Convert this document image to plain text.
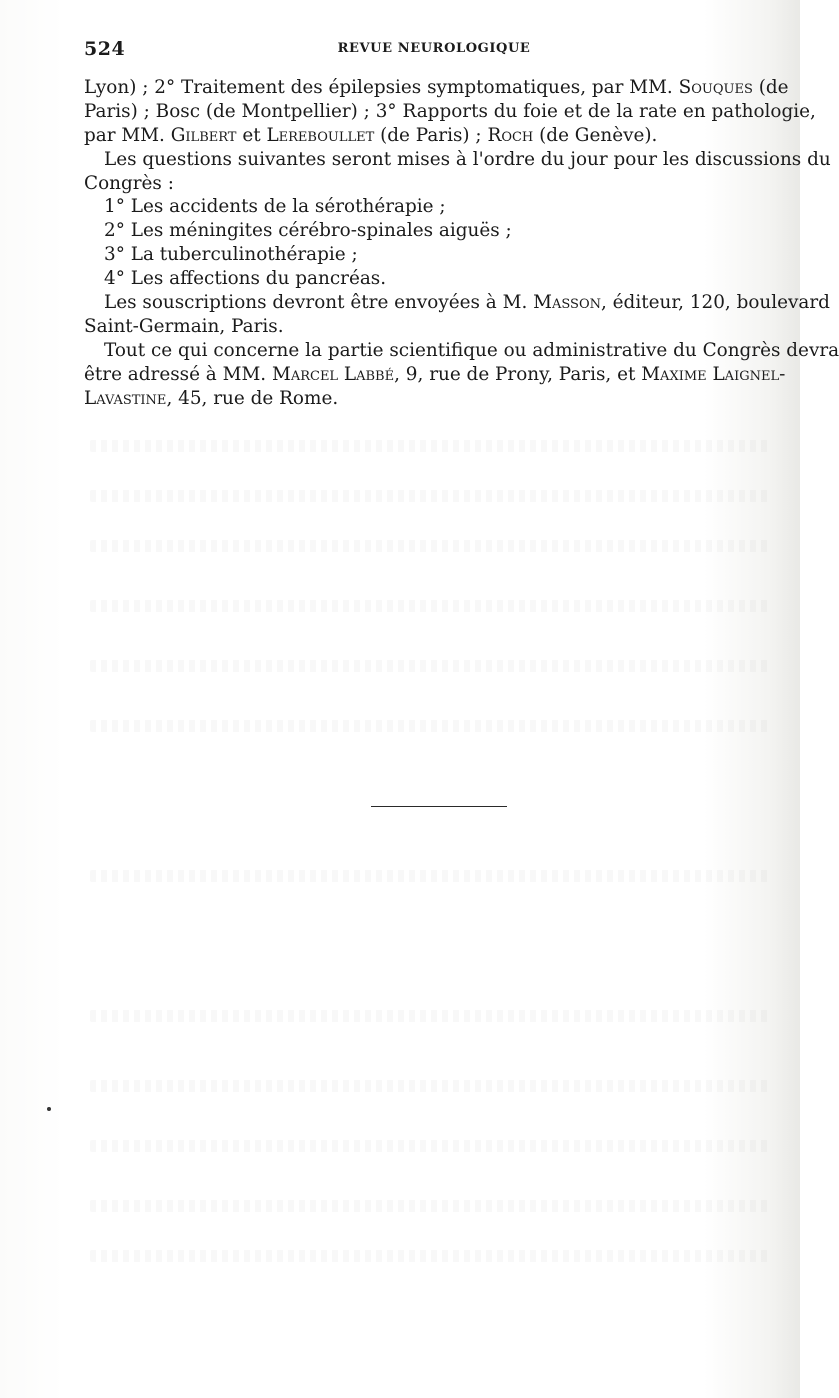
524	REVUE NEUROLOGIQUE
Lyon) ; 2° Traitement des épilepsies symptomatiques, par MM. Souques (de
Paris) ; Bosc (de Montpellier) ; 3° Rapports du foie et de la rate en pathologie,
par MM. Gilbert et Lereboullet (de Paris) ; Roch (de Genève).
Les questions suivantes seront mises à l'ordre du jour pour les discussions du
Congrès :
1° Les accidents de la sérothérapie ;
2° Les méningites cérébro-spinales aiguës ;
3° La tuberculinothérapie ;
4° Les affections du pancréas.
Les souscriptions devront être envoyées à M. Masson, éditeur, 120, boulevard
Saint-Germain, Paris.
Tout ce qui concerne la partie scientifique ou administrative du Congrès devra
être adressé à MM. Marcel Labbé, 9, rue de Prony, Paris, et Maxime Laignel-
Lavastine, 45, rue de Rome.
